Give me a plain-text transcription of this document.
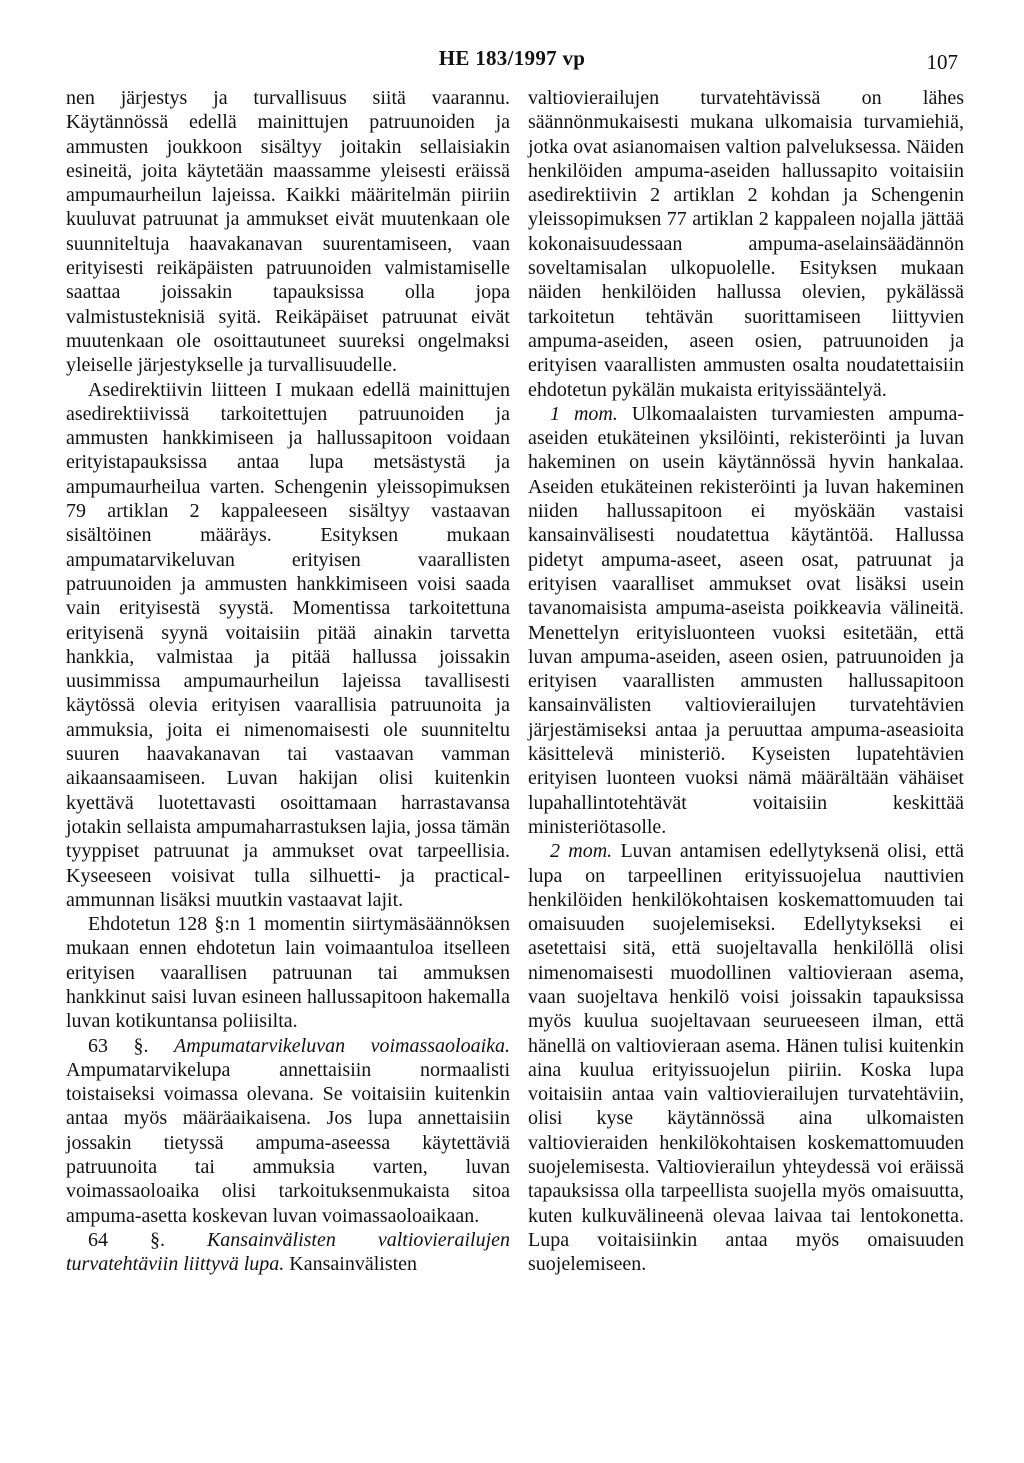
HE 183/1997 vp	107

nen järjestys ja turvallisuus siitä vaarannu. Käytännössä edellä mainittujen patruunoiden ja ammusten joukkoon sisältyy joitakin sellaisiakin esineitä, joita käytetään maassamme yleisesti eräissä ampumaurheilun lajeissa. Kaikki määritelmän piiriin kuuluvat patruunat ja ammukset eivät muutenkaan ole suunniteltuja haavakanavan suurentamiseen, vaan erityisesti reikäpäisten patruunoiden valmistamiselle saattaa joissakin tapauksissa olla jopa valmistusteknisiä syitä. Reikäpäiset patruunat eivät muutenkaan ole osoittautuneet suureksi ongelmaksi yleiselle järjestykselle ja turvallisuudelle.

Asedirektiivin liitteen I mukaan edellä mainittujen asedirektiivissä tarkoitettujen patruunoiden ja ammusten hankkimiseen ja hallussapitoon voidaan erityistapauksissa antaa lupa metsästystä ja ampumaurheilua varten. Schengenin yleissopimuksen 79 artiklan 2 kappaleeseen sisältyy vastaavan sisältöinen määräys. Esityksen mukaan ampumatarvikeluvan erityisen vaarallisten patruunoiden ja ammusten hankkimiseen voisi saada vain erityisestä syystä. Momentissa tarkoitettuna erityisenä syynä voitaisiin pitää ainakin tarvetta hankkia, valmistaa ja pitää hallussa joissakin uusimmissa ampumaurheilun lajeissa tavallisesti käytössä olevia erityisen vaarallisia patruunoita ja ammuksia, joita ei nimenomaisesti ole suunniteltu suuren haavakanavan tai vastaavan vamman aikaansaamiseen. Luvan hakijan olisi kuitenkin kyettävä luotettavasti osoittamaan harrastavansa jotakin sellaista ampumaharrastuksen lajia, jossa tämän tyyppiset patruunat ja ammukset ovat tarpeellisia. Kyseeseen voisivat tulla silhuetti- ja practical-ammunnan lisäksi muutkin vastaavat lajit.

Ehdotetun 128 §:n 1 momentin siirtymäsäännöksen mukaan ennen ehdotetun lain voimaantuloa itselleen erityisen vaarallisen patruunan tai ammuksen hankkinut saisi luvan esineen hallussapitoon hakemalla luvan kotikuntansa poliisilta.

63 §. Ampumatarvikeluvan voimassaoloaika. Ampumatarvikelupa annettaisiin normaalisti toistaiseksi voimassa olevana. Se voitaisiin kuitenkin antaa myös määräaikaisena. Jos lupa annettaisiin jossakin tietyssä ampuma-aseessa käytettäviä patruunoita tai ammuksia varten, luvan voimassaoloaika olisi tarkoituksenmukaista sitoa ampuma-asetta koskevan luvan voimassaoloaikaan.

64 §. Kansainvälisten valtiovierailujen turvatehtäviin liittyvä lupa. Kansainvälisten

valtiovierailujen turvatehtävissä on lähes säännönmukaisesti mukana ulkomaisia turvamiehiä, jotka ovat asianomaisen valtion palveluksessa. Näiden henkilöiden ampuma-aseiden hallussapito voitaisiin asedirektiivin 2 artiklan 2 kohdan ja Schengenin yleissopimuksen 77 artiklan 2 kappaleen nojalla jättää kokonaisuudessaan ampuma-aselainsäädännön soveltamisalan ulkopuolelle. Esityksen mukaan näiden henkilöiden hallussa olevien, pykälässä tarkoitetun tehtävän suorittamiseen liittyvien ampuma-aseiden, aseen osien, patruunoiden ja erityisen vaarallisten ammusten osalta noudatettaisiin ehdotetun pykälän mukaista erityissääntelyä.

1 mom. Ulkomaalaisten turvamiesten ampuma-aseiden etukäteinen yksilöinti, rekisteröinti ja luvan hakeminen on usein käytännössä hyvin hankalaa. Aseiden etukäteinen rekisteröinti ja luvan hakeminen niiden hallussapitoon ei myöskään vastaisi kansainvälisesti noudatettua käytäntöä. Hallussa pidetyt ampuma-aseet, aseen osat, patruunat ja erityisen vaaralliset ammukset ovat lisäksi usein tavanomaisista ampuma-aseista poikkeavia välineitä. Menettelyn erityisluonteen vuoksi esitetään, että luvan ampuma-aseiden, aseen osien, patruunoiden ja erityisen vaarallisten ammusten hallussapitoon kansainvälisten valtiovierailujen turvatehtävien järjestämiseksi antaa ja peruuttaa ampuma-aseasioita käsittelevä ministeriö. Kyseisten lupatehtävien erityisen luonteen vuoksi nämä määrältään vähäiset lupahallintotehtävät voitaisiin keskittää ministeriötasolle.

2 mom. Luvan antamisen edellytyksenä olisi, että lupa on tarpeellinen erityissuojelua nauttivien henkilöiden henkilökohtaisen koskemattomuuden tai omaisuuden suojelemiseksi. Edellytykseksi ei asetettaisi sitä, että suojeltavalla henkilöllä olisi nimenomaisesti muodollinen valtiovieraan asema, vaan suojeltava henkilö voisi joissakin tapauksissa myös kuulua suojeltavaan seurueeseen ilman, että hänellä on valtiovieraan asema. Hänen tulisi kuitenkin aina kuulua erityissuojelun piiriin. Koska lupa voitaisiin antaa vain valtiovierailujen turvatehtäviin, olisi kyse käytännössä aina ulkomaisten valtiovieraiden henkilökohtaisen koskemattomuuden suojelemisesta. Valtiovierailun yhteydessä voi eräissä tapauksissa olla tarpeellista suojella myös omaisuutta, kuten kulkuvälineenä olevaa laivaa tai lentokonetta. Lupa voitaisiinkin antaa myös omaisuuden suojelemiseen.
